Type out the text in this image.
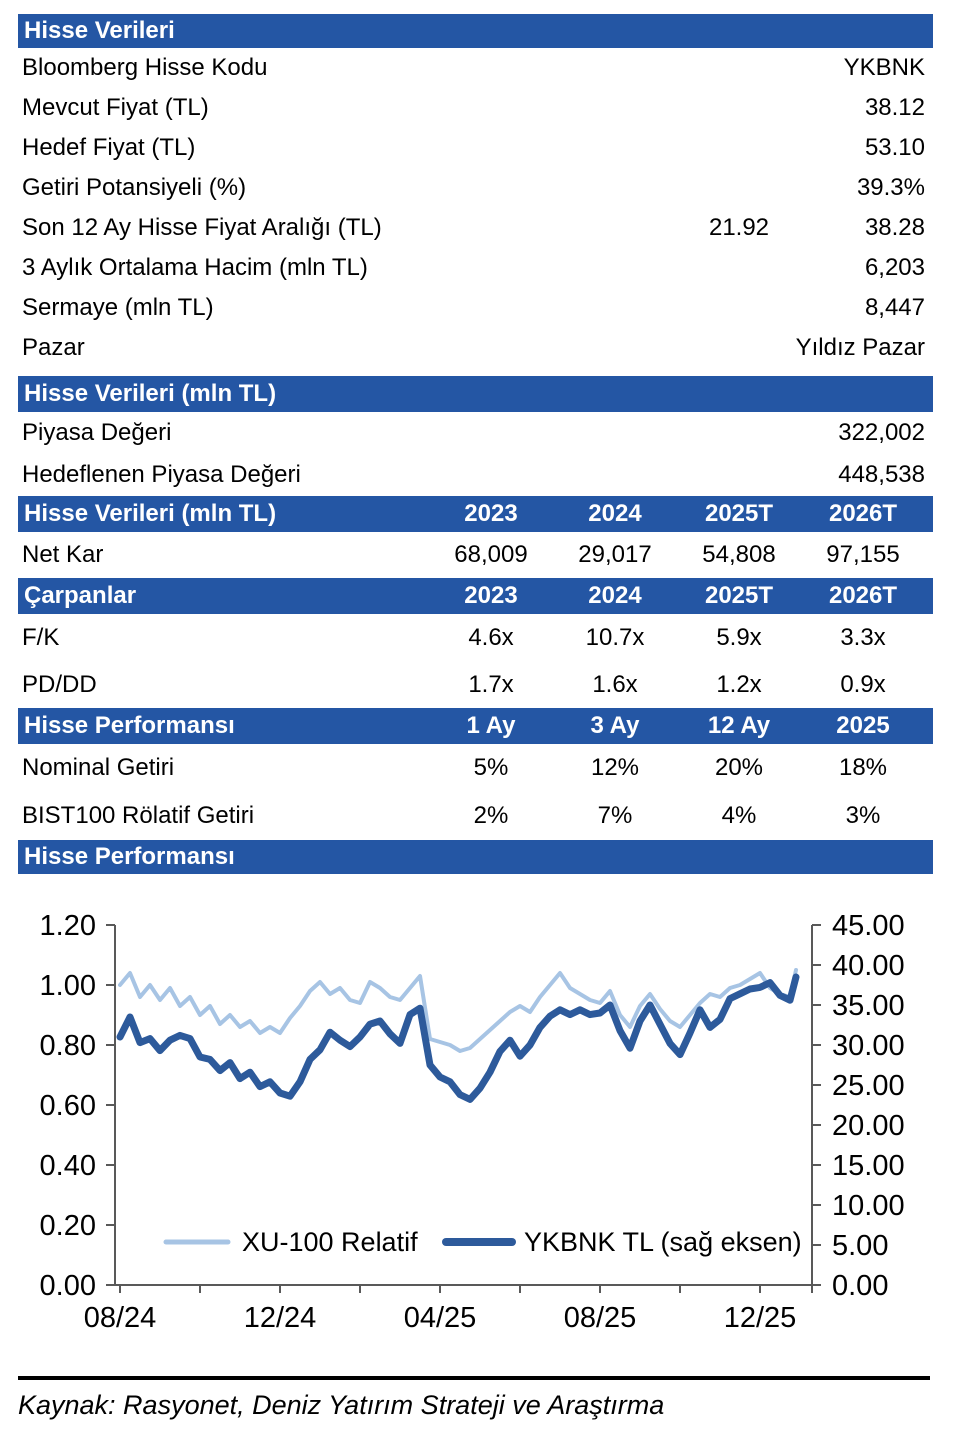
Hisse Verileri
Bloomberg Hisse Kodu	YKBNK
Mevcut Fiyat (TL)	38.12
Hedef Fiyat (TL)	53.10
Getiri Potansiyeli (%)	39.3%
Son 12 Ay Hisse Fiyat Aralığı (TL)	21.92	38.28
3 Aylık Ortalama Hacim (mln TL)	6,203
Sermaye (mln TL)	8,447
Pazar	Yıldız Pazar
Hisse Verileri (mln TL)
Piyasa Değeri	322,002
Hedeflenen Piyasa Değeri	448,538
Hisse Verileri (mln TL)	2023	2024	2025T	2026T
Net Kar	68,009	29,017	54,808	97,155
Çarpanlar	2023	2024	2025T	2026T
F/K	4.6x	10.7x	5.9x	3.3x
PD/DD	1.7x	1.6x	1.2x	0.9x
Hisse Performansı	1 Ay	3 Ay	12 Ay	2025
Nominal Getiri	5%	12%	20%	18%
BIST100 Rölatif Getiri	2%	7%	4%	3%
Hisse Performansı
0.00
0.20
0.40
0.60
0.80
1.00
1.20
0.00
5.00
10.00
15.00
20.00
25.00
30.00
35.00
40.00
45.00
08/24	12/24	04/25	08/25	12/25
XU-100 Relatif	YKBNK TL (sağ eksen)
Kaynak: Rasyonet, Deniz Yatırım Strateji ve Araştırma
